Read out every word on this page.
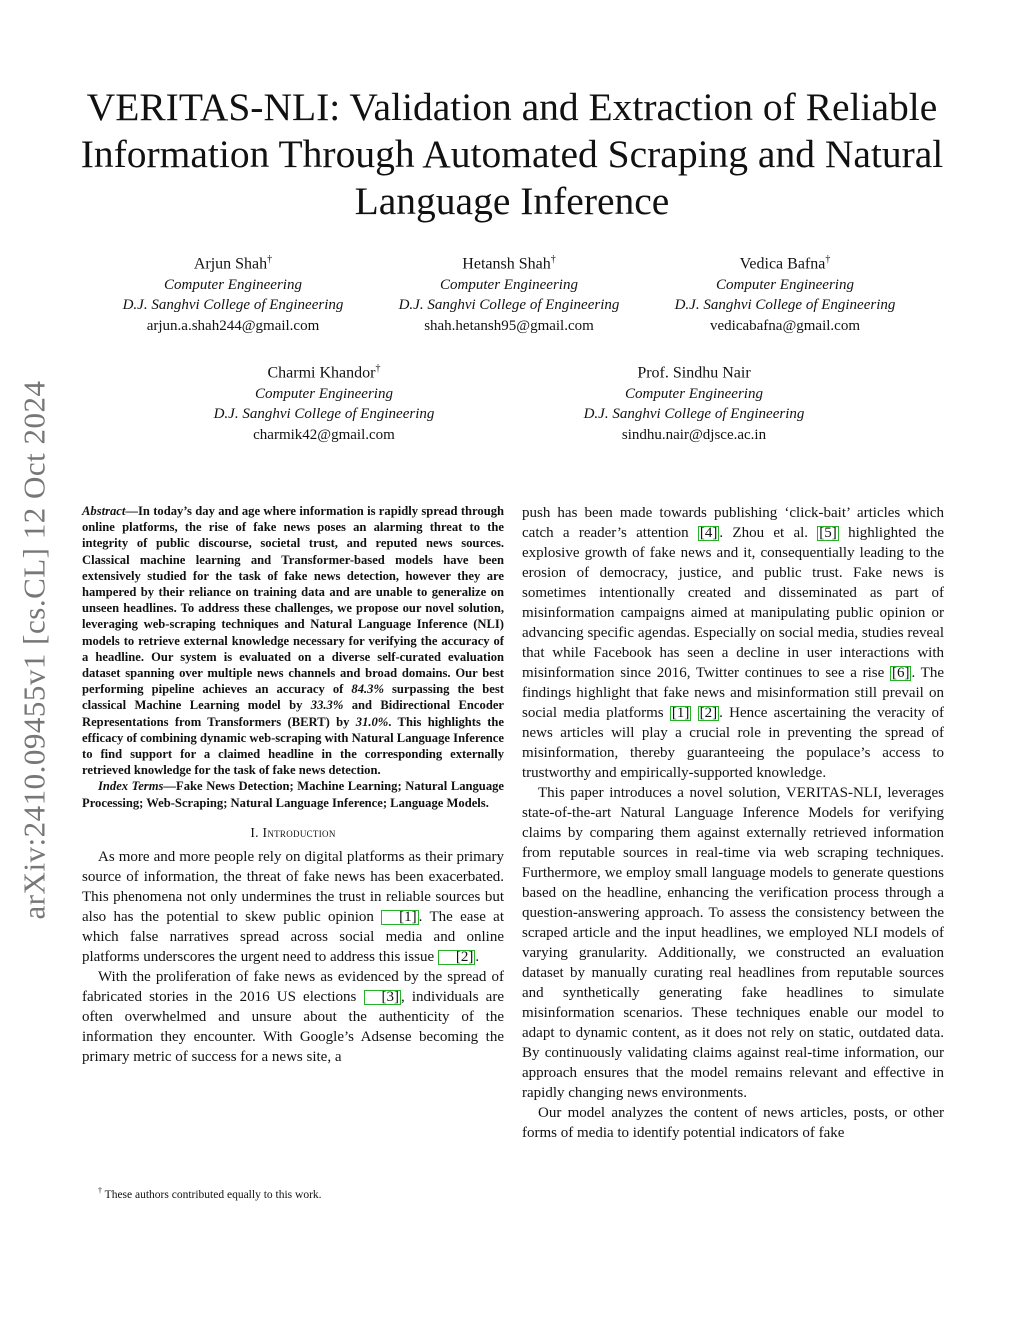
arXiv:2410.09455v1 [cs.CL] 12 Oct 2024
VERITAS-NLI: Validation and Extraction of Reliable Information Through Automated Scraping and Natural Language Inference
Arjun Shah†
Computer Engineering
D.J. Sanghvi College of Engineering
arjun.a.shah244@gmail.com
Hetansh Shah†
Computer Engineering
D.J. Sanghvi College of Engineering
shah.hetansh95@gmail.com
Vedica Bafna†
Computer Engineering
D.J. Sanghvi College of Engineering
vedicabafna@gmail.com
Charmi Khandor†
Computer Engineering
D.J. Sanghvi College of Engineering
charmik42@gmail.com
Prof. Sindhu Nair
Computer Engineering
D.J. Sanghvi College of Engineering
sindhu.nair@djsce.ac.in

Abstract—In today’s day and age where information is rapidly spread through online platforms, the rise of fake news poses an alarming threat to the integrity of public discourse, societal trust, and reputed news sources. Classical machine learning and Transformer-based models have been extensively studied for the task of fake news detection, however they are hampered by their reliance on training data and are unable to generalize on unseen headlines. To address these challenges, we propose our novel solution, leveraging web-scraping techniques and Natural Language Inference (NLI) models to retrieve external knowledge necessary for verifying the accuracy of a headline. Our system is evaluated on a diverse self-curated evaluation dataset spanning over multiple news channels and broad domains. Our best performing pipeline achieves an accuracy of 84.3% surpassing the best classical Machine Learning model by 33.3% and Bidirectional Encoder Representations from Transformers (BERT) by 31.0%. This highlights the efficacy of combining dynamic web-scraping with Natural Language Inference to find support for a claimed headline in the corresponding externally retrieved knowledge for the task of fake news detection.

Index Terms—Fake News Detection; Machine Learning; Natural Language Processing; Web-Scraping; Natural Language Inference; Language Models.

I. Introduction

As more and more people rely on digital platforms as their primary source of information, the threat of fake news has been exacerbated. This phenomena not only undermines the trust in reliable sources but also has the potential to skew public opinion [1] . The ease at which false narratives spread across social media and online platforms underscores the urgent need to address this issue [2] .

With the proliferation of fake news as evidenced by the spread of fabricated stories in the 2016 US elections [3] , individuals are often overwhelmed and unsure about the authenticity of the information they encounter. With Google’s Adsense becoming the primary metric of success for a news site, a

push has been made towards publishing ‘click-bait’ articles which catch a reader’s attention [4] . Zhou et al. [5] highlighted the explosive growth of fake news and it, consequentially leading to the erosion of democracy, justice, and public trust. Fake news is sometimes intentionally created and disseminated as part of misinformation campaigns aimed at manipulating public opinion or advancing specific agendas. Especially on social media, studies reveal that while Facebook has seen a decline in user interactions with misinformation since 2016, Twitter continues to see a rise [6] . The findings highlight that fake news and misinformation still prevail on social media platforms [1] [2] . Hence ascertaining the veracity of news articles will play a crucial role in preventing the spread of misinformation, thereby guaranteeing the populace’s access to trustworthy and empirically-supported knowledge.

This paper introduces a novel solution, VERITAS-NLI, leverages state-of-the-art Natural Language Inference Models for verifying claims by comparing them against externally retrieved information from reputable sources in real-time via web scraping techniques. Furthermore, we employ small language models to generate questions based on the headline, enhancing the verification process through a question-answering approach. To assess the consistency between the scraped article and the input headlines, we employed NLI models of varying granularity. Additionally, we constructed an evaluation dataset by manually curating real headlines from reputable sources and synthetically generating fake headlines to simulate misinformation scenarios. These techniques enable our model to adapt to dynamic content, as it does not rely on static, outdated data. By continuously validating claims against real-time information, our approach ensures that the model remains relevant and effective in rapidly changing news environments.

Our model analyzes the content of news articles, posts, or other forms of media to identify potential indicators of fake

† These authors contributed equally to this work.
